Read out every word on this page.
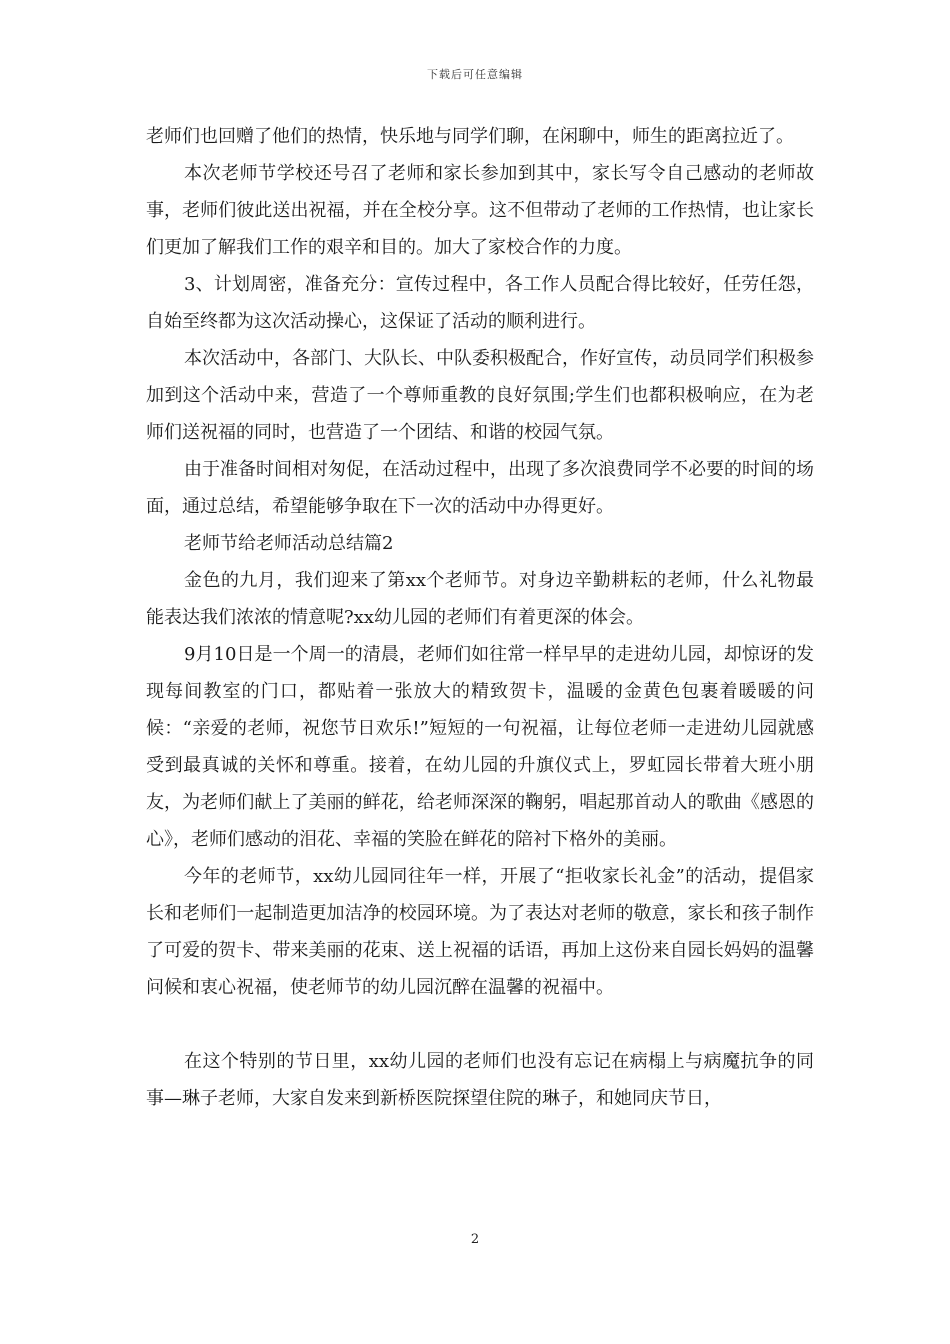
下载后可任意编辑

老师们也回赠了他们的热情，快乐地与同学们聊，在闲聊中，师生的距离拉近了。

本次老师节学校还号召了老师和家长参加到其中，家长写令自己感动的老师故事，老师们彼此送出祝福，并在全校分享。这不但带动了老师的工作热情，也让家长们更加了解我们工作的艰辛和目的。加大了家校合作的力度。

3、计划周密，准备充分：宣传过程中，各工作人员配合得比较好，任劳任怨，自始至终都为这次活动操心，这保证了活动的顺利进行。

本次活动中，各部门、大队长、中队委积极配合，作好宣传，动员同学们积极参加到这个活动中来，营造了一个尊师重教的良好氛围;学生们也都积极响应，在为老师们送祝福的同时，也营造了一个团结、和谐的校园气氛。

由于准备时间相对匆促，在活动过程中，出现了多次浪费同学不必要的时间的场面，通过总结，希望能够争取在下一次的活动中办得更好。

老师节给老师活动总结篇2

金色的九月，我们迎来了第xx个老师节。对身边辛勤耕耘的老师，什么礼物最能表达我们浓浓的情意呢?xx幼儿园的老师们有着更深的体会。

9月10日是一个周一的清晨，老师们如往常一样早早的走进幼儿园，却惊讶的发现每间教室的门口，都贴着一张放大的精致贺卡，温暖的金黄色包裹着暖暖的问候：“亲爱的老师，祝您节日欢乐!”短短的一句祝福，让每位老师一走进幼儿园就感受到最真诚的关怀和尊重。接着，在幼儿园的升旗仪式上，罗虹园长带着大班小朋友，为老师们献上了美丽的鲜花，给老师深深的鞠躬，唱起那首动人的歌曲《感恩的心》，老师们感动的泪花、幸福的笑脸在鲜花的陪衬下格外的美丽。

今年的老师节，xx幼儿园同往年一样，开展了“拒收家长礼金”的活动，提倡家长和老师们一起制造更加洁净的校园环境。为了表达对老师的敬意，家长和孩子制作了可爱的贺卡、带来美丽的花束、送上祝福的话语，再加上这份来自园长妈妈的温馨问候和衷心祝福，使老师节的幼儿园沉醉在温馨的祝福中。

在这个特别的节日里，xx幼儿园的老师们也没有忘记在病榻上与病魔抗争的同事—琳子老师，大家自发来到新桥医院探望住院的琳子，和她同庆节日，

2
